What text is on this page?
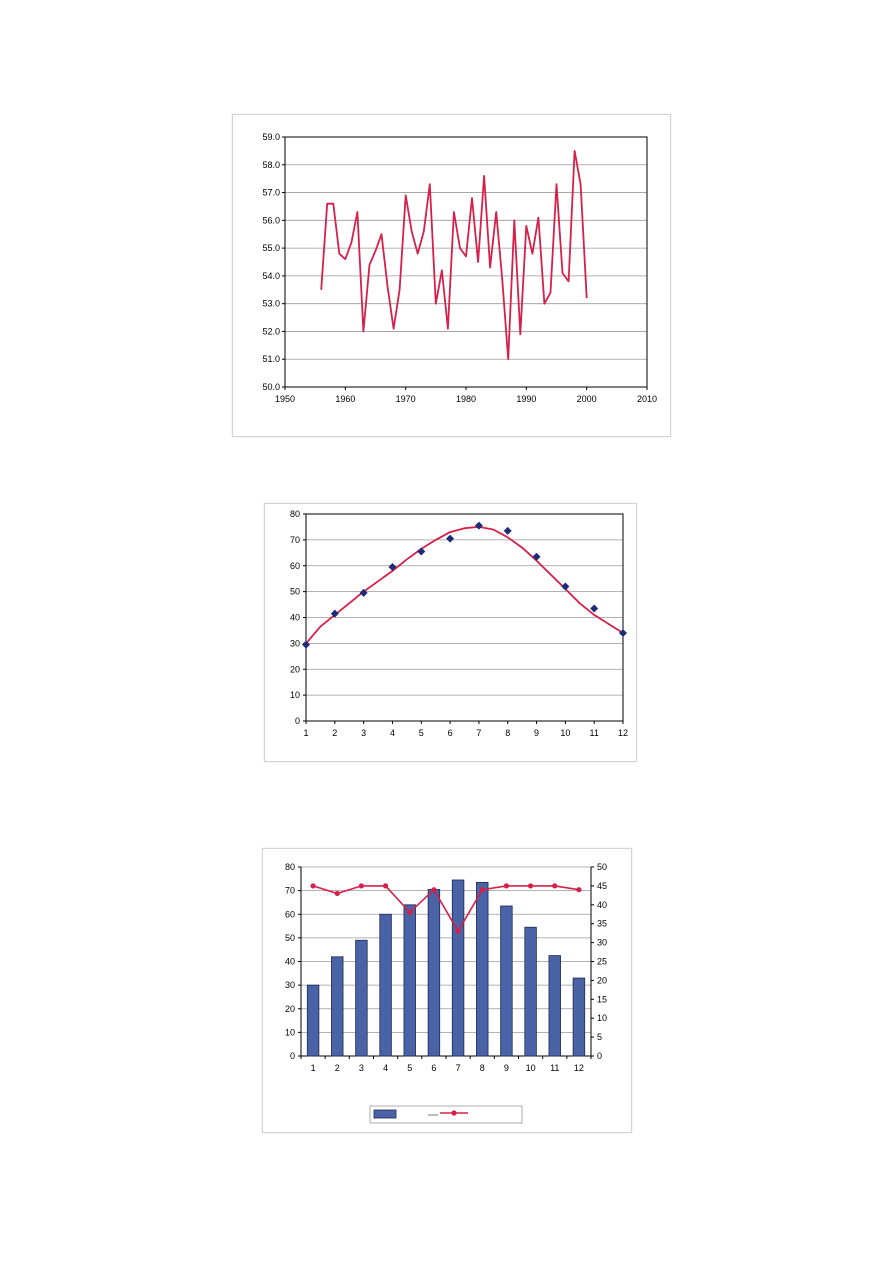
50.0
51.0
52.0
53.0
54.0
55.0
56.0
57.0
58.0
59.0
1950	1960	1970	1980	1990	2000	2010
0
10
20
30
40
50
60
70
80
1	2	3	4	5	6	7	8	9 10 11 12
0
10
20
30
40
50
60
70
80
0
5
10
15
20
25
30
35
40
45
50
1 2 3 4 5 6 7 8 9 10 11 12
